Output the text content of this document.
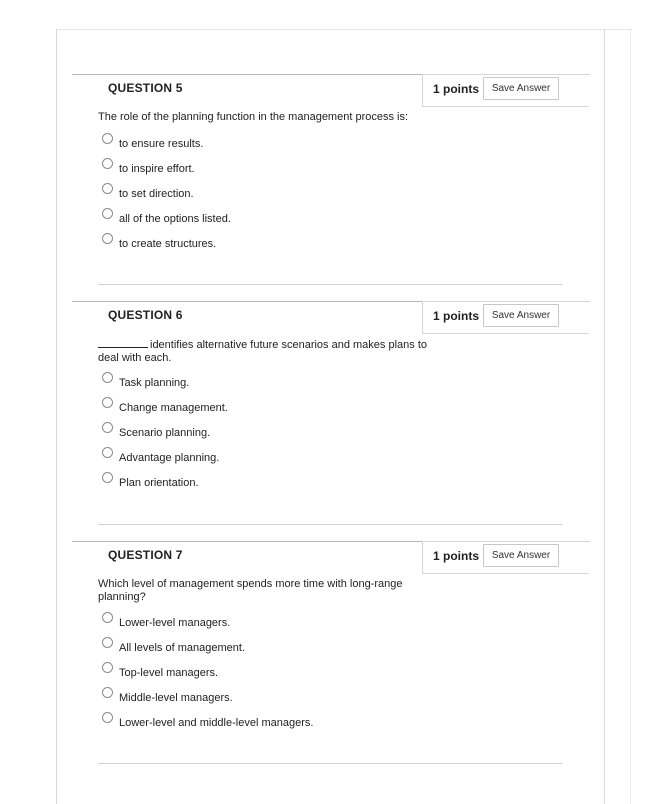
QUESTION 5	1 points	Save Answer
The role of the planning function in the management process is:
to ensure results.
to inspire effort.
to set direction.
all of the options listed.
to create structures.
QUESTION 6	1 points	Save Answer
identifies alternative future scenarios and makes plans to
deal with each.
Task planning.
Change management.
Scenario planning.
Advantage planning.
Plan orientation.
QUESTION 7	1 points	Save Answer
Which level of management spends more time with long-range
planning?
Lower-level managers.
All levels of management.
Top-level managers.
Middle-level managers.
Lower-level and middle-level managers.
